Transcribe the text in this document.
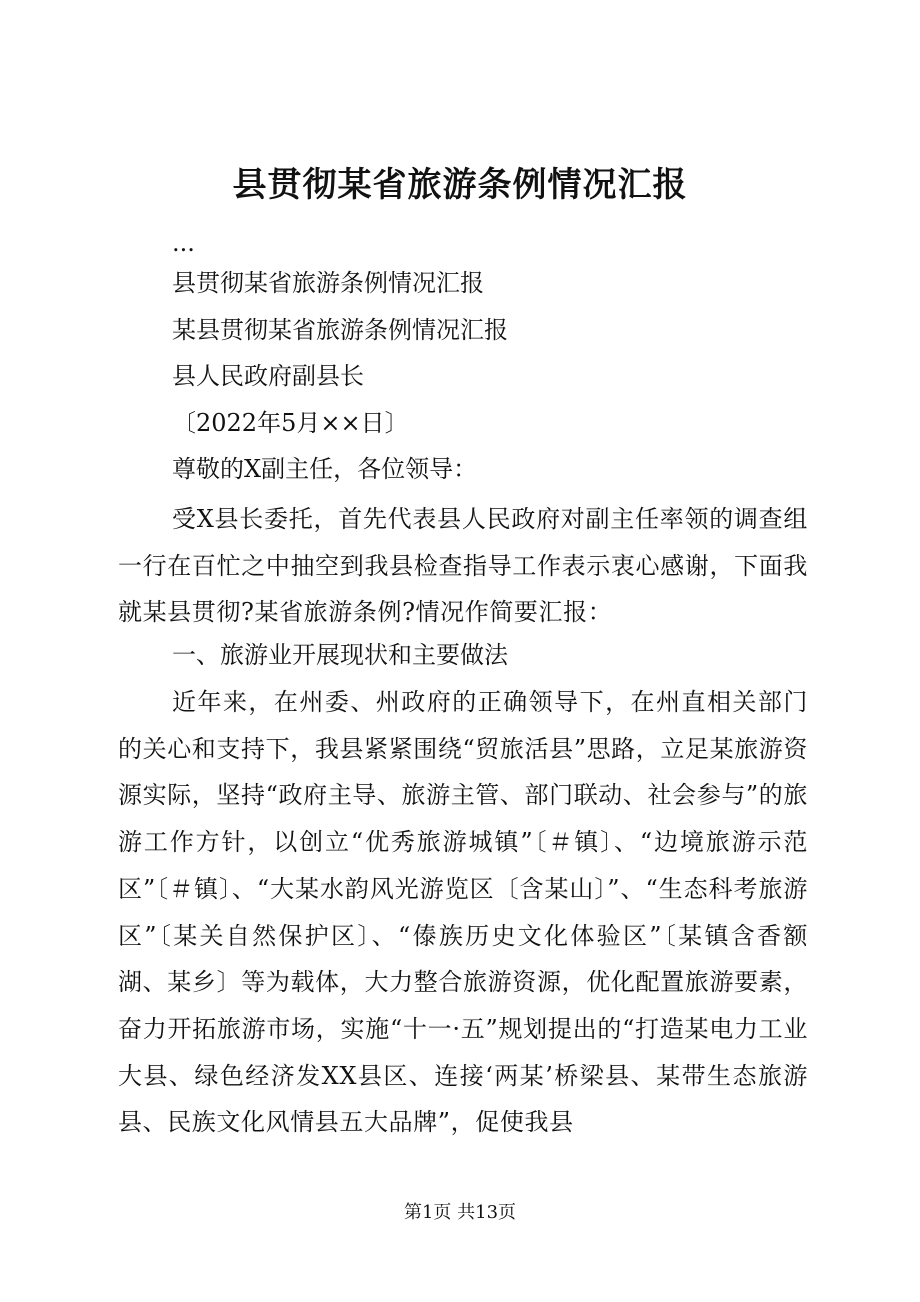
县贯彻某省旅游条例情况汇报
...
县贯彻某省旅游条例情况汇报
某县贯彻某省旅游条例情况汇报
县人民政府副县长
〔2022年5月××日〕
尊敬的X副主任，各位领导：
受X县长委托，首先代表县人民政府对副主任率领的调查组一行在百忙之中抽空到我县检查指导工作表示衷心感谢，下面我就某县贯彻?某省旅游条例?情况作简要汇报：
一、旅游业开展现状和主要做法
近年来，在州委、州政府的正确领导下，在州直相关部门的关心和支持下，我县紧紧围绕“贸旅活县”思路，立足某旅游资源实际，坚持“政府主导、旅游主管、部门联动、社会参与”的旅游工作方针，以创立“优秀旅游城镇”〔＃镇〕、“边境旅游示范区”〔＃镇〕、“大某水韵风光游览区〔含某山〕”、“生态科考旅游区”〔某关自然保护区〕、“傣族历史文化体验区”〔某镇含香额湖、某乡〕等为载体，大力整合旅游资源，优化配置旅游要素，奋力开拓旅游市场，实施“十一·五”规划提出的“打造某电力工业大县、绿色经济发XX县区、连接‘两某’桥梁县、某带生态旅游县、民族文化风情县五大品牌”，促使我县
第1页 共13页
